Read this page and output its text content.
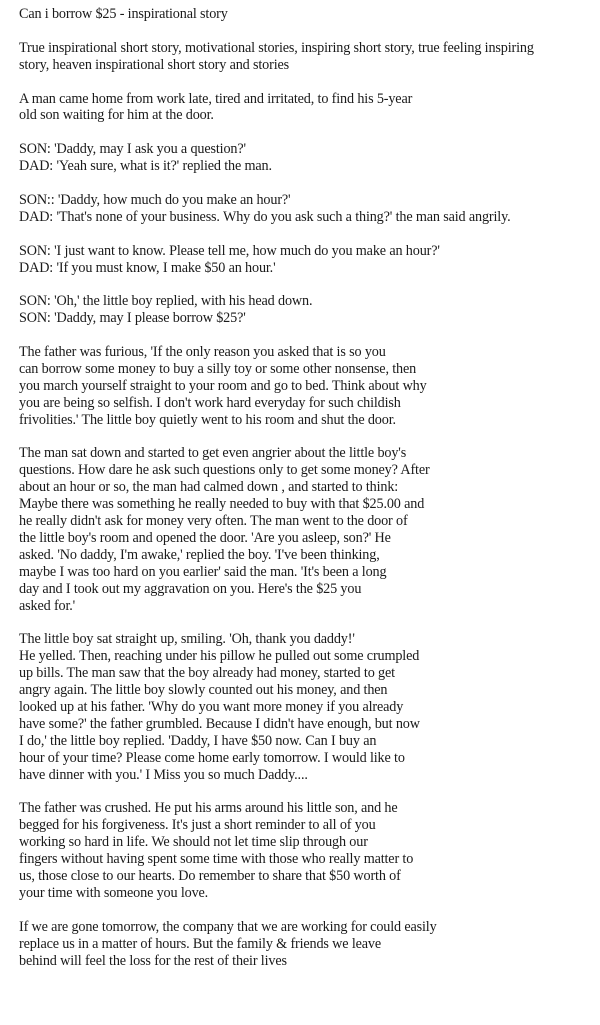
Can i borrow $25 - inspirational story
True inspirational short story, motivational stories, inspiring short story, true feeling inspiring
story, heaven inspirational short story and stories
A man came home from work late, tired and irritated, to find his 5-year
old son waiting for him at the door.
SON: 'Daddy, may I ask you a question?'
DAD: 'Yeah sure, what is it?' replied the man.
SON:: 'Daddy, how much do you make an hour?'
DAD: 'That's none of your business. Why do you ask such a thing?' the man said angrily.
SON: 'I just want to know. Please tell me, how much do you make an hour?'
DAD: 'If you must know, I make $50 an hour.'
SON: 'Oh,' the little boy replied, with his head down.
SON: 'Daddy, may I please borrow $25?'
The father was furious, 'If the only reason you asked that is so you
can borrow some money to buy a silly toy or some other nonsense, then
you march yourself straight to your room and go to bed. Think about why
you are being so selfish. I don't work hard everyday for such childish
frivolities.' The little boy quietly went to his room and shut the door.
The man sat down and started to get even angrier about the little boy's
questions. How dare he ask such questions only to get some money? After
about an hour or so, the man had calmed down , and started to think:
Maybe there was something he really needed to buy with that $25.00 and
he really didn't ask for money very often. The man went to the door of
the little boy's room and opened the door. 'Are you asleep, son?' He
asked. 'No daddy, I'm awake,' replied the boy. 'I've been thinking,
maybe I was too hard on you earlier' said the man. 'It's been a long
day and I took out my aggravation on you. Here's the $25 you
asked for.'
The little boy sat straight up, smiling. 'Oh, thank you daddy!'
He yelled. Then, reaching under his pillow he pulled out some crumpled
up bills. The man saw that the boy already had money, started to get
angry again. The little boy slowly counted out his money, and then
looked up at his father. 'Why do you want more money if you already
have some?' the father grumbled. Because I didn't have enough, but now
I do,' the little boy replied. 'Daddy, I have $50 now. Can I buy an
hour of your time? Please come home early tomorrow. I would like to
have dinner with you.' I Miss you so much Daddy....
The father was crushed. He put his arms around his little son, and he
begged for his forgiveness. It's just a short reminder to all of you
working so hard in life. We should not let time slip through our
fingers without having spent some time with those who really matter to
us, those close to our hearts. Do remember to share that $50 worth of
your time with someone you love.
If we are gone tomorrow, the company that we are working for could easily
replace us in a matter of hours. But the family & friends we leave
behind will feel the loss for the rest of their lives
